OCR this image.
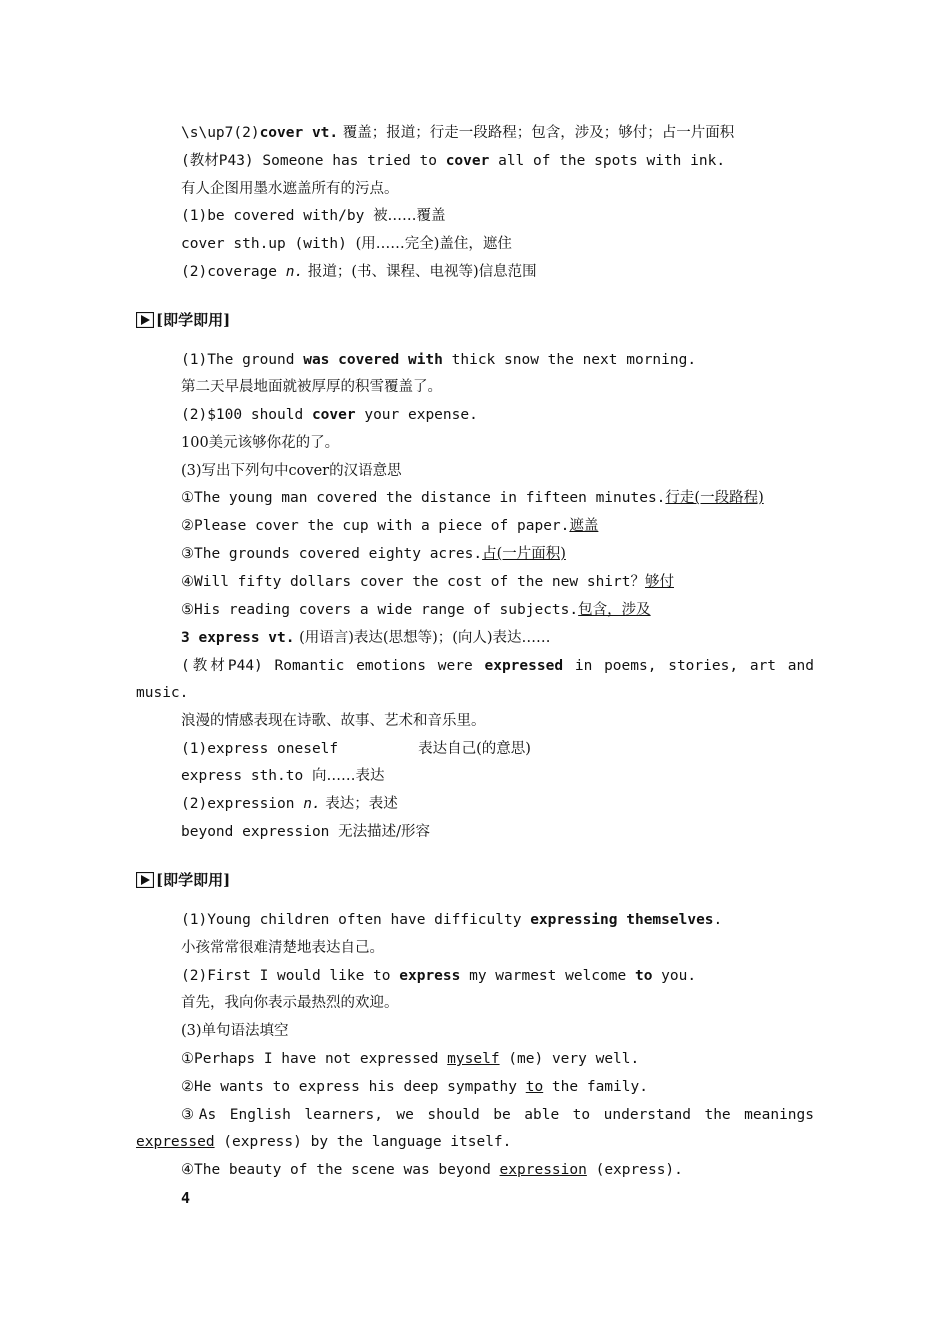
\s\up7(2)cover vt. 覆盖；报道；行走一段路程；包含，涉及；够付；占一片面积
(教材P43) Someone has tried to cover all of the spots with ink.
有人企图用墨水遮盖所有的污点。
(1)be covered with/by 被……覆盖
cover sth.up (with) (用……完全)盖住，遮住
(2)coverage n. 报道；(书、课程、电视等)信息范围
[即学即用]
(1)The ground was covered with thick snow the next morning.
第二天早晨地面就被厚厚的积雪覆盖了。
(2)$100 should cover your expense.
100美元该够你花的了。
(3)写出下列句中cover的汉语意思
①The young man covered the distance in fifteen minutes.行走(一段路程)
②Please cover the cup with a piece of paper.遮盖
③The grounds covered eighty acres.占(一片面积)
④Will fifty dollars cover the cost of the new shirt？够付
⑤His reading covers a wide range of subjects.包含，涉及
3 express vt. (用语言)表达(思想等)；(向人)表达……
(教材P44) Romantic emotions were expressed in poems, stories, art and
music.
浪漫的情感表现在诗歌、故事、艺术和音乐里。
(1)express oneself	表达自己(的意思)
express sth.to 向……表达
(2)expression n. 表达；表述
beyond expression 无法描述/形容
[即学即用]
(1)Young children often have difficulty expressing themselves.
小孩常常很难清楚地表达自己。
(2)First I would like to express my warmest welcome to you.
首先，我向你表示最热烈的欢迎。
(3)单句语法填空
①Perhaps I have not expressed myself (me) very well.
②He wants to express his deep sympathy to the family.
③As English learners, we should be able to understand the meanings
expressed (express) by the language itself.
④The beauty of the scene was beyond expression (express).
4
